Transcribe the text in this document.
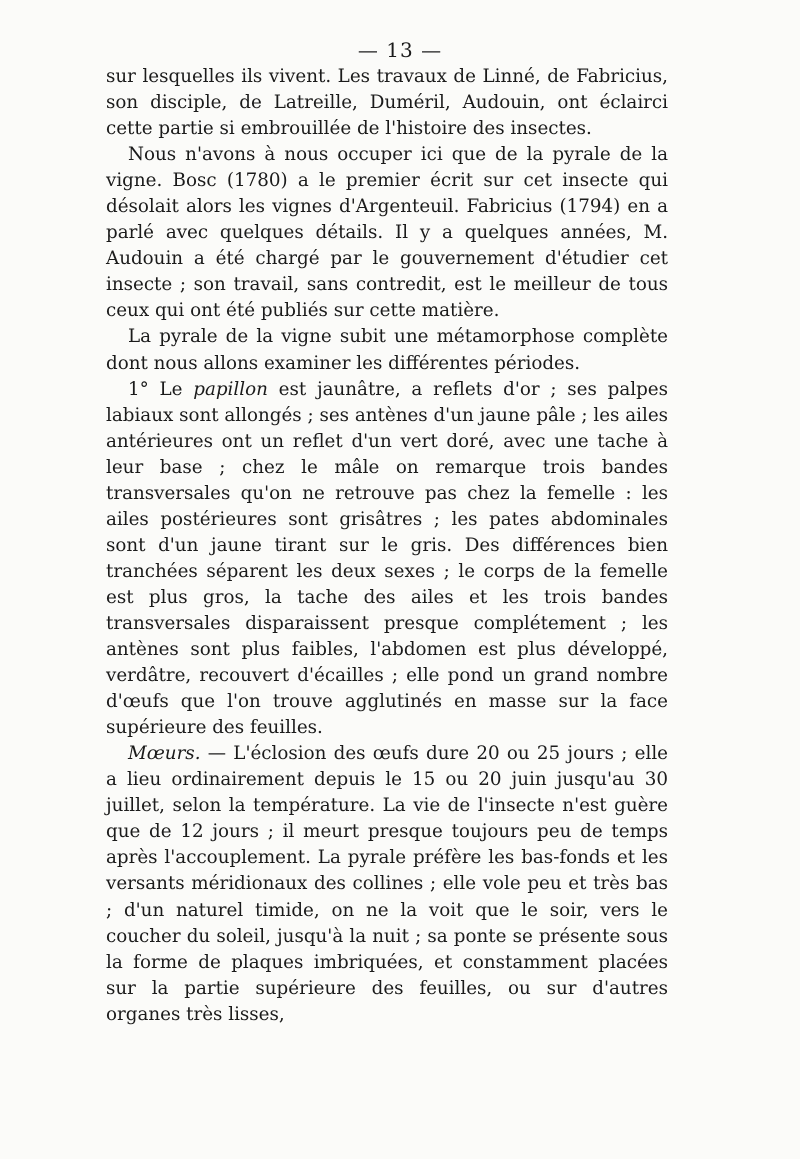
— 13 —

sur lesquelles ils vivent. Les travaux de Linné, de Fabricius, son disciple, de Latreille, Duméril, Audouin, ont éclairci cette partie si embrouillée de l'histoire des insectes.

Nous n'avons à nous occuper ici que de la pyrale de la vigne. Bosc (1780) a le premier écrit sur cet insecte qui désolait alors les vignes d'Argenteuil. Fabricius (1794) en a parlé avec quelques détails. Il y a quelques années, M. Audouin a été chargé par le gouvernement d'étudier cet insecte ; son travail, sans contredit, est le meilleur de tous ceux qui ont été publiés sur cette matière.

La pyrale de la vigne subit une métamorphose complète dont nous allons examiner les différentes périodes.

1° Le papillon est jaunâtre, a reflets d'or ; ses palpes labiaux sont allongés ; ses antènes d'un jaune pâle ; les ailes antérieures ont un reflet d'un vert doré, avec une tache à leur base ; chez le mâle on remarque trois bandes transversales qu'on ne retrouve pas chez la femelle : les ailes postérieures sont grisâtres ; les pates abdominales sont d'un jaune tirant sur le gris. Des différences bien tranchées séparent les deux sexes ; le corps de la femelle est plus gros, la tache des ailes et les trois bandes transversales disparaissent presque complétement ; les antènes sont plus faibles, l'abdomen est plus développé, verdâtre, recouvert d'écailles ; elle pond un grand nombre d'œufs que l'on trouve agglutinés en masse sur la face supérieure des feuilles.

Mœurs. — L'éclosion des œufs dure 20 ou 25 jours ; elle a lieu ordinairement depuis le 15 ou 20 juin jusqu'au 30 juillet, selon la température. La vie de l'insecte n'est guère que de 12 jours ; il meurt presque toujours peu de temps après l'accouplement. La pyrale préfère les bas-fonds et les versants méridionaux des collines ; elle vole peu et très bas ; d'un naturel timide, on ne la voit que le soir, vers le coucher du soleil, jusqu'à la nuit ; sa ponte se présente sous la forme de plaques imbriquées, et constamment placées sur la partie supérieure des feuilles, ou sur d'autres organes très lisses,
